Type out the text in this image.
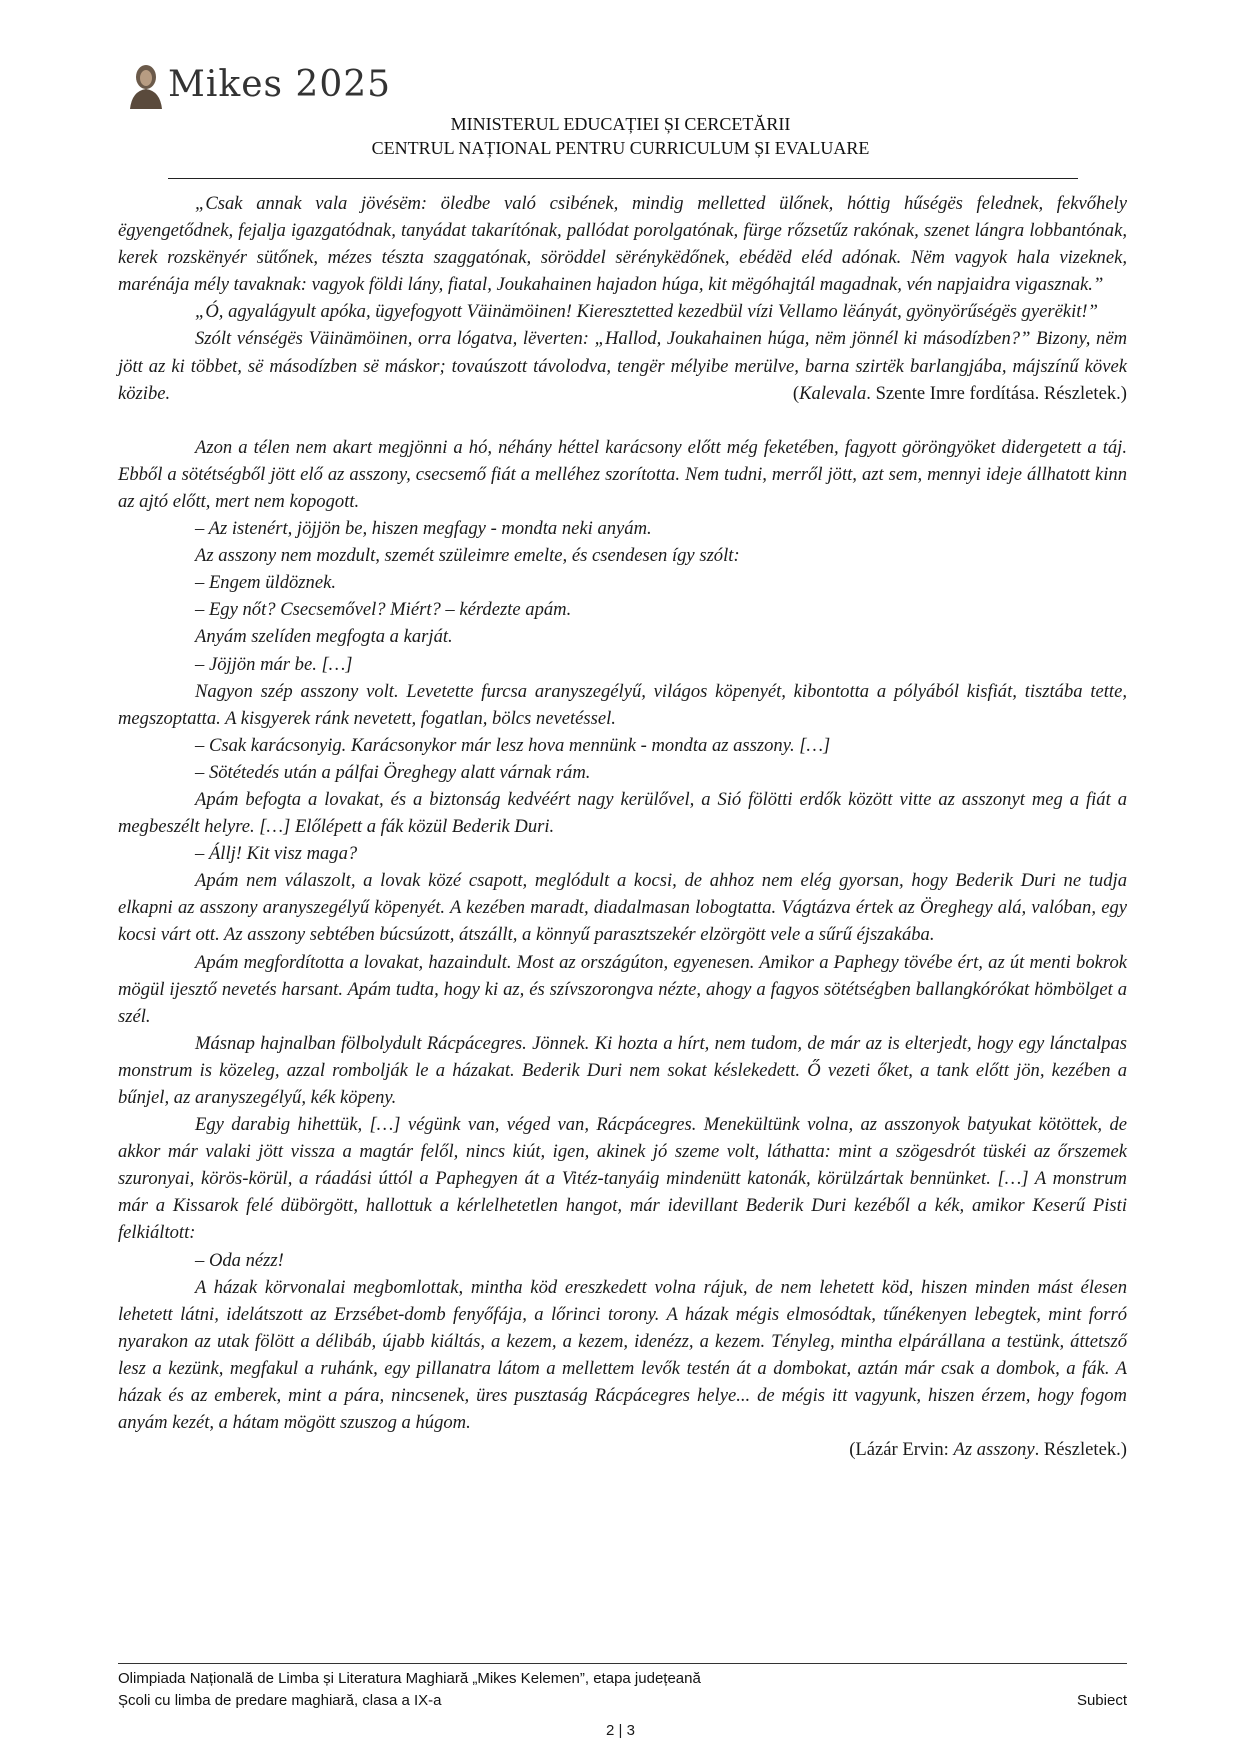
Mikes 2025
MINISTERUL EDUCAȚIEI ȘI CERCETĂRII
CENTRUL NAȚIONAL PENTRU CURRICULUM ȘI EVALUARE

„Csak annak vala jövésëm: öledbe való csibének, mindig melletted ülőnek, hóttig hűségës felednek, fekvőhely ëgyengetődnek, fejalja igazgatódnak, tanyádat takarítónak, pallódat porolgatónak, fürge rőzsetűz rakónak, szenet lángra lobbantónak, kerek rozskënyér sütőnek, mézes tészta szaggatónak, söröddel sërénykëdőnek, ebédëd eléd adónak. Nëm vagyok hala vizeknek, marénája mély tavaknak: vagyok földi lány, fiatal, Joukahainen hajadon húga, kit mëgóhajtál magadnak, vén napjaidra vigasznak.”

„Ó, agyalágyult apóka, ügyefogyott Väinämöinen! Kieresztetted kezedbül vízi Vellamo lëányát, gyönyörűségës gyerëkit!”

Szólt vénségës Väinämöinen, orra lógatva, lëverten: „Hallod, Joukahainen húga, nëm jönnél ki másodízben?” Bizony, nëm jött az ki többet, së másodízben së máskor; tovaúszott távolodva, tengër mélyibe merülve, barna szirtëk barlangjába, májszínű kövek közibe.	(Kalevala. Szente Imre fordítása. Részletek.)

Azon a télen nem akart megjönni a hó, néhány héttel karácsony előtt még feketében, fagyott göröngyöket didergetett a táj. Ebből a sötétségből jött elő az asszony, csecsemő fiát a melléhez szorította. Nem tudni, merről jött, azt sem, mennyi ideje állhatott kinn az ajtó előtt, mert nem kopogott.

– Az istenért, jöjjön be, hiszen megfagy - mondta neki anyám.

Az asszony nem mozdult, szemét szüleimre emelte, és csendesen így szólt:

– Engem üldöznek.

– Egy nőt? Csecsemővel? Miért? – kérdezte apám.

Anyám szelíden megfogta a karját.

– Jöjjön már be. […]

Nagyon szép asszony volt. Levetette furcsa aranyszegélyű, világos köpenyét, kibontotta a pólyából kisfiát, tisztába tette, megszoptatta. A kisgyerek ránk nevetett, fogatlan, bölcs nevetéssel.

– Csak karácsonyig. Karácsonykor már lesz hova mennünk - mondta az asszony. […]

– Sötétedés után a pálfai Öreghegy alatt várnak rám.

Apám befogta a lovakat, és a biztonság kedvéért nagy kerülővel, a Sió fölötti erdők között vitte az asszonyt meg a fiát a megbeszélt helyre. […] Előlépett a fák közül Bederik Duri.

– Állj! Kit visz maga?

Apám nem válaszolt, a lovak közé csapott, meglódult a kocsi, de ahhoz nem elég gyorsan, hogy Bederik Duri ne tudja elkapni az asszony aranyszegélyű köpenyét. A kezében maradt, diadalmasan lobogtatta. Vágtázva értek az Öreghegy alá, valóban, egy kocsi várt ott. Az asszony sebtében búcsúzott, átszállt, a könnyű parasztszekér elzörgött vele a sűrű éjszakába.

Apám megfordította a lovakat, hazaindult. Most az országúton, egyenesen. Amikor a Paphegy tövébe ért, az út menti bokrok mögül ijesztő nevetés harsant. Apám tudta, hogy ki az, és szívszorongva nézte, ahogy a fagyos sötétségben ballangkórókat hömbölget a szél.

Másnap hajnalban fölbolydult Rácpácegres. Jönnek. Ki hozta a hírt, nem tudom, de már az is elterjedt, hogy egy lánctalpas monstrum is közeleg, azzal rombolják le a házakat. Bederik Duri nem sokat késlekedett. Ő vezeti őket, a tank előtt jön, kezében a bűnjel, az aranyszegélyű, kék köpeny.

Egy darabig hihettük, […] végünk van, véged van, Rácpácegres. Menekültünk volna, az asszonyok batyukat kötöttek, de akkor már valaki jött vissza a magtár felől, nincs kiút, igen, akinek jó szeme volt, láthatta: mint a szögesdrót tüskéi az őrszemek szuronyai, körös-körül, a ráadási úttól a Paphegyen át a Vitéz-tanyáig mindenütt katonák, körülzártak bennünket. […] A monstrum már a Kissarok felé dübörgött, hallottuk a kérlelhetetlen hangot, már idevillant Bederik Duri kezéből a kék, amikor Keserű Pisti felkiáltott:

– Oda nézz!

A házak körvonalai megbomlottak, mintha köd ereszkedett volna rájuk, de nem lehetett köd, hiszen minden mást élesen lehetett látni, idelátszott az Erzsébet-domb fenyőfája, a lőrinci torony. A házak mégis elmosódtak, tűnékenyen lebegtek, mint forró nyarakon az utak fölött a délibáb, újabb kiáltás, a kezem, a kezem, idenézz, a kezem. Tényleg, mintha elpárállana a testünk, áttetsző lesz a kezünk, megfakul a ruhánk, egy pillanatra látom a mellettem levők testén át a dombokat, aztán már csak a dombok, a fák. A házak és az emberek, mint a pára, nincsenek, üres pusztaság Rácpácegres helye... de mégis itt vagyunk, hiszen érzem, hogy fogom anyám kezét, a hátam mögött szuszog a húgom.

(Lázár Ervin: Az asszony. Részletek.)
Olimpiada Națională de Limba și Literatura Maghiară „Mikes Kelemen”, etapa județeană
Școli cu limba de predare maghiară, clasa a IX-a	Subiect
2 | 3
